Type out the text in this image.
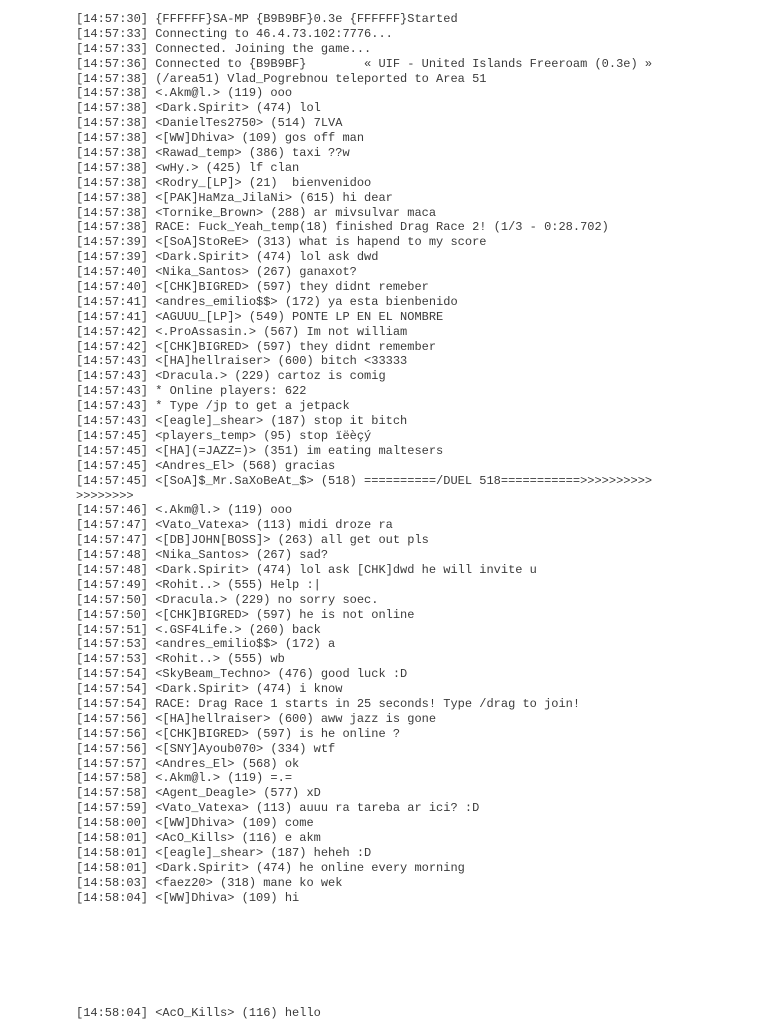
[14:57:30] {FFFFFF}SA-MP {B9B9BF}0.3e {FFFFFF}Started
[14:57:33] Connecting to 46.4.73.102:7776...
[14:57:33] Connected. Joining the game...
[14:57:36] Connected to {B9B9BF}        « UIF - United Islands Freeroam (0.3e) »
[14:57:38] (/area51) Vlad_Pogrebnou teleported to Area 51
[14:57:38] <.Akm@l.> (119) ooo
[14:57:38] <Dark.Spirit> (474) lol
[14:57:38] <DanielTes2750> (514) 7LVA
[14:57:38] <[WW]Dhiva> (109) gos off man
[14:57:38] <Rawad_temp> (386) taxi ??w
[14:57:38] <wHy.> (425) lf clan
[14:57:38] <Rodry_[LP]> (21)  bienvenidoo
[14:57:38] <[PAK]HaMza_JilaNi> (615) hi dear
[14:57:38] <Tornike_Brown> (288) ar mivsulvar maca
[14:57:38] RACE: Fuck_Yeah_temp(18) finished Drag Race 2! (1/3 - 0:28.702)
[14:57:39] <[SoA]StoReE> (313) what is hapend to my score
[14:57:39] <Dark.Spirit> (474) lol ask dwd
[14:57:40] <Nika_Santos> (267) ganaxot?
[14:57:40] <[CHK]BIGRED> (597) they didnt remeber
[14:57:41] <andres_emilio$$> (172) ya esta bienbenido
[14:57:41] <AGUUU_[LP]> (549) PONTE LP EN EL NOMBRE
[14:57:42] <.ProAssasin.> (567) Im not william
[14:57:42] <[CHK]BIGRED> (597) they didnt remember
[14:57:43] <[HA]hellraiser> (600) bitch <33333
[14:57:43] <Dracula.> (229) cartoz is comig
[14:57:43] * Online players: 622
[14:57:43] * Type /jp to get a jetpack
[14:57:43] <[eagle]_shear> (187) stop it bitch
[14:57:45] <players_temp> (95) stop ïëèçý
[14:57:45] <[HA](=JAZZ=)> (351) im eating maltesers
[14:57:45] <Andres_El> (568) gracias
[14:57:45] <[SoA]$_Mr.SaXoBeAt_$> (518) ==========/DUEL 518===========>>>>>>>>>>
>>>>>>>>
[14:57:46] <.Akm@l.> (119) ooo
[14:57:47] <Vato_Vatexa> (113) midi droze ra
[14:57:47] <[DB]JOHN[BOSS]> (263) all get out pls
[14:57:48] <Nika_Santos> (267) sad?
[14:57:48] <Dark.Spirit> (474) lol ask [CHK]dwd he will invite u
[14:57:49] <Rohit..> (555) Help :|
[14:57:50] <Dracula.> (229) no sorry soec.
[14:57:50] <[CHK]BIGRED> (597) he is not online
[14:57:51] <.GSF4Life.> (260) back
[14:57:53] <andres_emilio$$> (172) a
[14:57:53] <Rohit..> (555) wb
[14:57:54] <SkyBeam_Techno> (476) good luck :D
[14:57:54] <Dark.Spirit> (474) i know
[14:57:54] RACE: Drag Race 1 starts in 25 seconds! Type /drag to join!
[14:57:56] <[HA]hellraiser> (600) aww jazz is gone
[14:57:56] <[CHK]BIGRED> (597) is he online ?
[14:57:56] <[SNY]Ayoub070> (334) wtf
[14:57:57] <Andres_El> (568) ok
[14:57:58] <.Akm@l.> (119) =.=
[14:57:58] <Agent_Deagle> (577) xD
[14:57:59] <Vato_Vatexa> (113) auuu ra tareba ar ici? :D
[14:58:00] <[WW]Dhiva> (109) come
[14:58:01] <AcO_Kills> (116) e akm
[14:58:01] <[eagle]_shear> (187) heheh :D
[14:58:01] <Dark.Spirit> (474) he online every morning
[14:58:03] <faez20> (318) mane ko wek
[14:58:04] <[WW]Dhiva> (109) hi
[14:58:04] <AcO_Kills> (116) hello
